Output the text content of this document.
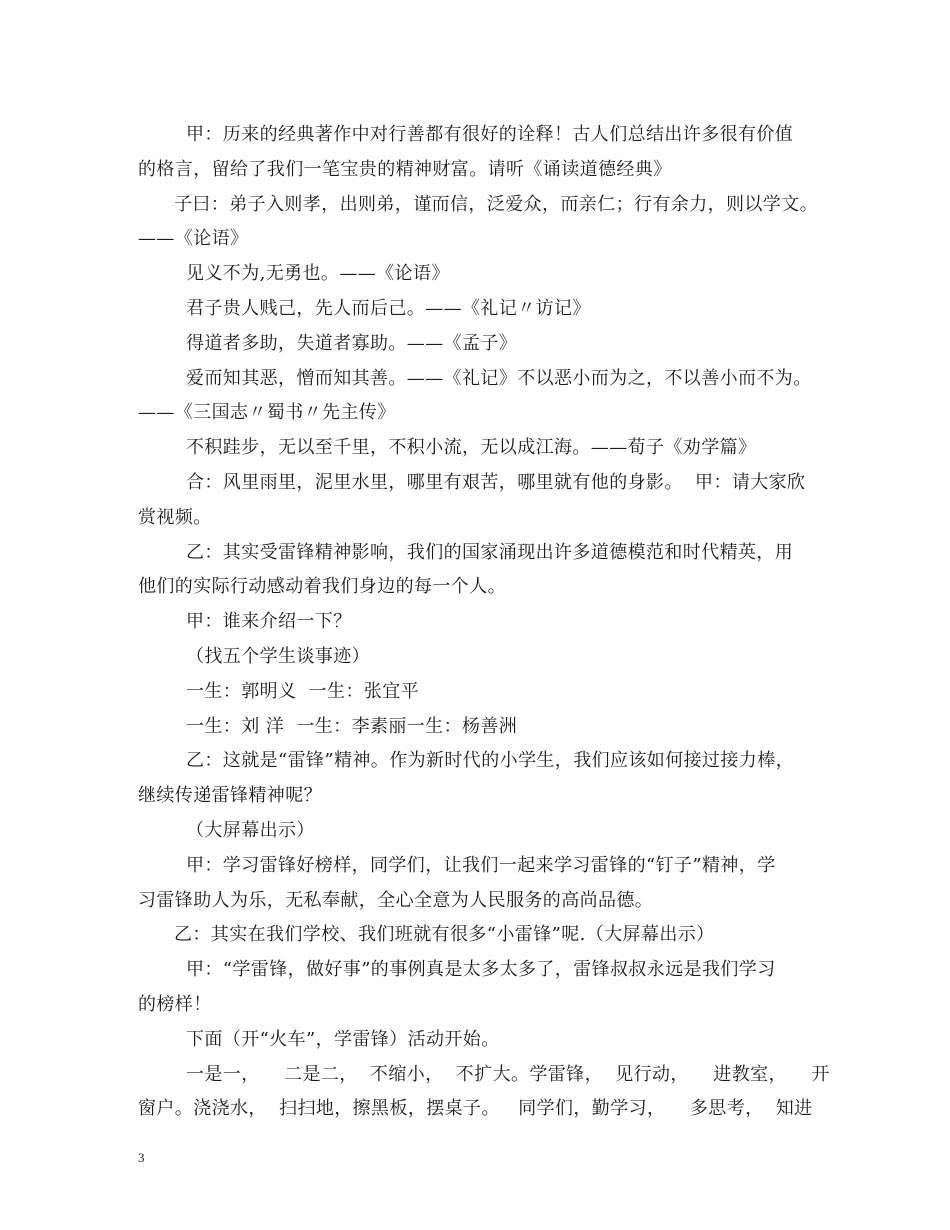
甲：历来的经典著作中对行善都有很好的诠释！古人们总结出许多很有价值
的格言，留给了我们一笔宝贵的精神财富。请听《诵读道德经典》
子曰：弟子入则孝，出则弟，谨而信，泛爱众，而亲仁；行有余力，则以学文。
——《论语》
见义不为,无勇也。——《论语》
君子贵人贱己，先人而后己。——《礼记〃访记》
得道者多助，失道者寡助。——《孟子》
爱而知其恶，憎而知其善。——《礼记》不以恶小而为之，不以善小而不为。
——《三国志〃蜀书〃先主传》
不积跬步，无以至千里，不积小流，无以成江海。——荀子《劝学篇》
合：风里雨里，泥里水里，哪里有艰苦，哪里就有他的身影。  甲：请大家欣
赏视频。
乙：其实受雷锋精神影响，我们的国家涌现出许多道德模范和时代精英，用
他们的实际行动感动着我们身边的每一个人。
甲：谁来介绍一下？
（找五个学生谈事迹）
一生：郭明义  一生：张宜平
一生：刘 洋  一生：李素丽一生：杨善洲
乙：这就是“雷锋”精神。作为新时代的小学生，我们应该如何接过接力棒，
继续传递雷锋精神呢？
（大屏幕出示）
甲：学习雷锋好榜样，同学们，让我们一起来学习雷锋的“钉子”精神，学
习雷锋助人为乐，无私奉献，全心全意为人民服务的高尚品德。
乙：其实在我们学校、我们班就有很多“小雷锋”呢.（大屏幕出示）
甲：“学雷锋，做好事”的事例真是太多太多了，雷锋叔叔永远是我们学习
的榜样！
下面（开“火车”，学雷锋）活动开始。
一是一，    二是二，  不缩小，  不扩大。学雷锋，  见行动，    进教室，    开
窗户。浇浇水，  扫扫地，擦黑板，摆桌子。   同学们，勤学习，    多思考，  知进
3
